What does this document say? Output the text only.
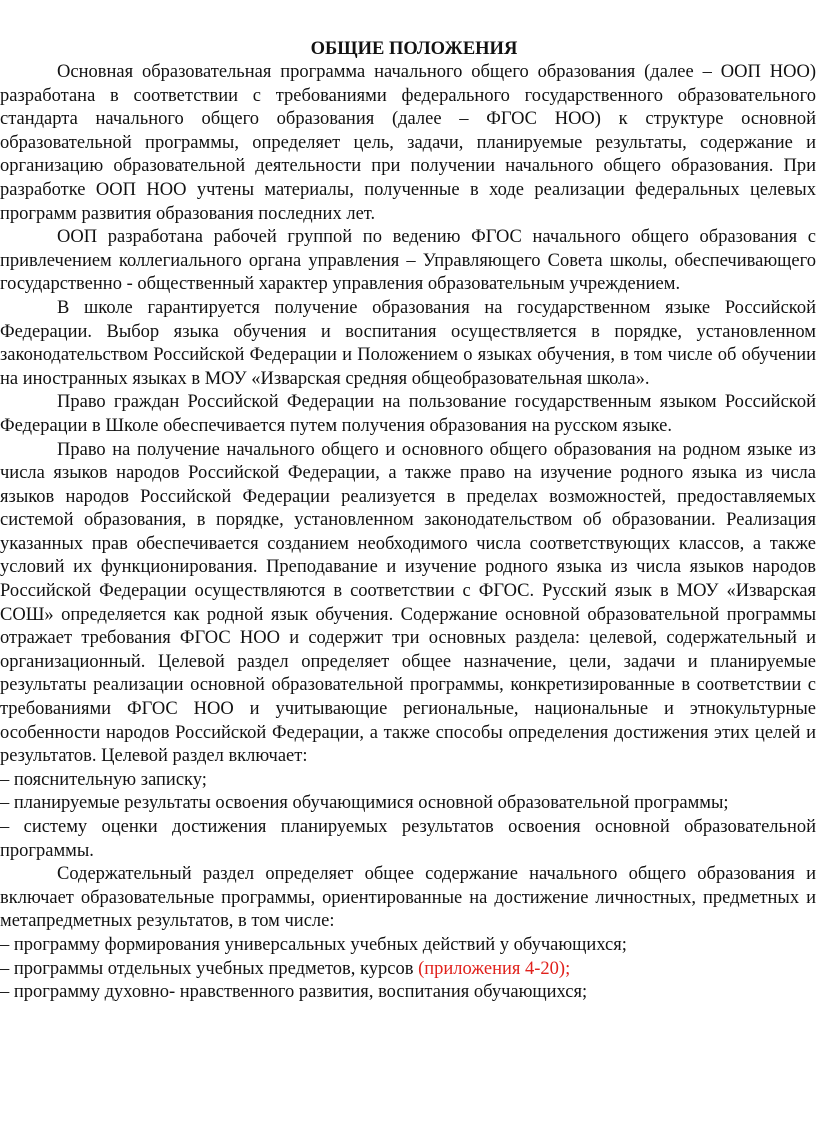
ОБЩИЕ ПОЛОЖЕНИЯ

Основная образовательная программа начального общего образования (далее – ООП НОО) разработана в соответствии с требованиями федерального государственного образовательного стандарта начального общего образования (далее – ФГОС НОО) к структуре основной образовательной программы, определяет цель, задачи, планируемые результаты, содержание и организацию образовательной деятельности при получении начального общего образования. При разработке ООП НОО учтены материалы, полученные в ходе реализации федеральных целевых программ развития образования последних лет.

ООП разработана рабочей группой по ведению ФГОС начального общего образования с привлечением коллегиального органа управления – Управляющего Совета школы, обеспечивающего государственно - общественный характер управления образовательным учреждением.

В школе гарантируется получение образования на государственном языке Российской Федерации. Выбор языка обучения и воспитания осуществляется в порядке, установленном законодательством Российской Федерации и Положением о языках обучения, в том числе об обучении на иностранных языках в МОУ «Изварская средняя общеобразовательная школа».

Право граждан Российской Федерации на пользование государственным языком Российской Федерации в Школе обеспечивается путем получения образования на русском языке.

Право на получение начального общего и основного общего образования на родном языке из числа языков народов Российской Федерации, а также право на изучение родного языка из числа языков народов Российской Федерации реализуется в пределах возможностей, предоставляемых системой образования, в порядке, установленном законодательством об образовании. Реализация указанных прав обеспечивается созданием необходимого числа соответствующих классов, а также условий их функционирования. Преподавание и изучение родного языка из числа языков народов Российской Федерации осуществляются в соответствии с ФГОС. Русский язык в МОУ «Изварская СОШ» определяется как родной язык обучения. Содержание основной образовательной программы отражает требования ФГОС НОО и содержит три основных раздела: целевой, содержательный и организационный. Целевой раздел определяет общее назначение, цели, задачи и планируемые результаты реализации основной образовательной программы, конкретизированные в соответствии с требованиями ФГОС НОО и учитывающие региональные, национальные и этнокультурные особенности народов Российской Федерации, а также способы определения достижения этих целей и результатов. Целевой раздел включает:

– пояснительную записку;

– планируемые результаты освоения обучающимися основной образовательной программы;

– систему оценки достижения планируемых результатов освоения основной образовательной программы.

Содержательный раздел определяет общее содержание начального общего образования и включает образовательные программы, ориентированные на достижение личностных, предметных и метапредметных результатов, в том числе:

– программу формирования универсальных учебных действий у обучающихся;

– программы отдельных учебных предметов, курсов (приложения 4-20);

– программу духовно- нравственного развития, воспитания обучающихся;
